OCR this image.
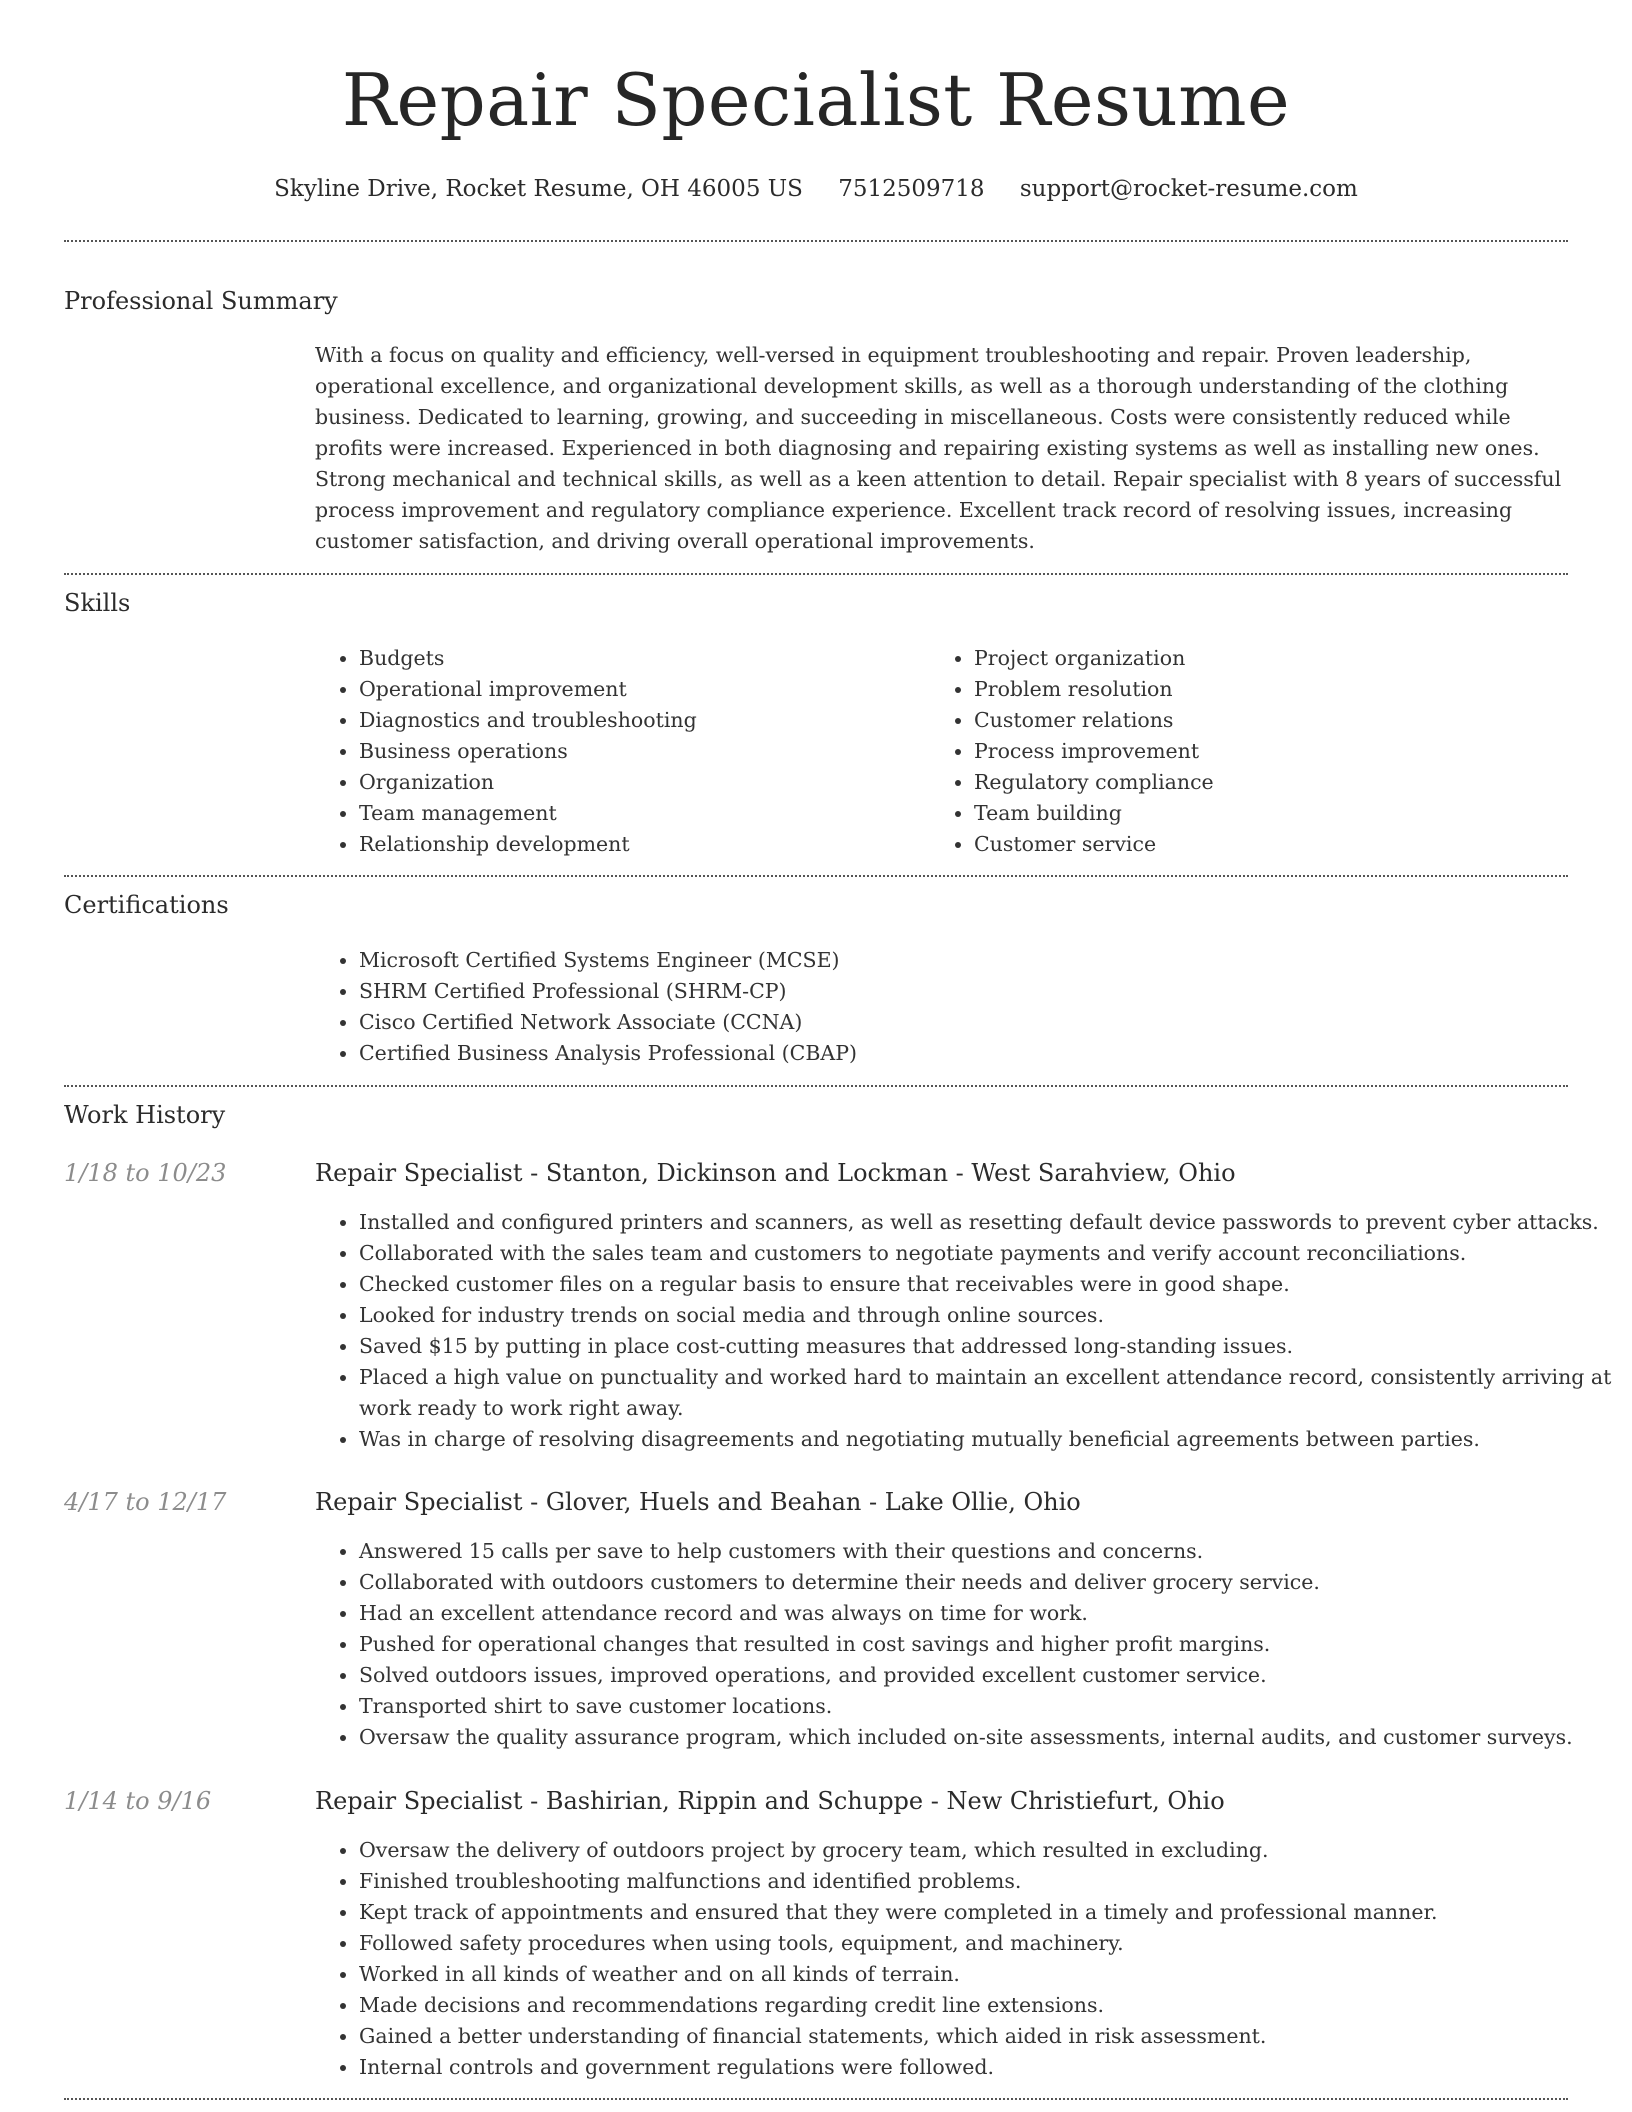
Repair Specialist Resume
Skyline Drive, Rocket Resume, OH 46005 US 7512509718 support@rocket-resume.com
Professional Summary
With a focus on quality and efficiency, well-versed in equipment troubleshooting and repair. Proven leadership, operational excellence, and organizational development skills, as well as a thorough understanding of the clothing business. Dedicated to learning, growing, and succeeding in miscellaneous. Costs were consistently reduced while profits were increased. Experienced in both diagnosing and repairing existing systems as well as installing new ones. Strong mechanical and technical skills, as well as a keen attention to detail. Repair specialist with 8 years of successful process improvement and regulatory compliance experience. Excellent track record of resolving issues, increasing customer satisfaction, and driving overall operational improvements.
Skills
• Budgets
• Operational improvement
• Diagnostics and troubleshooting
• Business operations
• Organization
• Team management
• Relationship development
• Project organization
• Problem resolution
• Customer relations
• Process improvement
• Regulatory compliance
• Team building
• Customer service
Certifications
• Microsoft Certified Systems Engineer (MCSE)
• SHRM Certified Professional (SHRM-CP)
• Cisco Certified Network Associate (CCNA)
• Certified Business Analysis Professional (CBAP)
Work History
1/18 to 10/23	Repair Specialist - Stanton, Dickinson and Lockman - West Sarahview, Ohio
• Installed and configured printers and scanners, as well as resetting default device passwords to prevent cyber attacks.
• Collaborated with the sales team and customers to negotiate payments and verify account reconciliations.
• Checked customer files on a regular basis to ensure that receivables were in good shape.
• Looked for industry trends on social media and through online sources.
• Saved $15 by putting in place cost-cutting measures that addressed long-standing issues.
• Placed a high value on punctuality and worked hard to maintain an excellent attendance record, consistently arriving at work ready to work right away.
• Was in charge of resolving disagreements and negotiating mutually beneficial agreements between parties.
4/17 to 12/17	Repair Specialist - Glover, Huels and Beahan - Lake Ollie, Ohio
• Answered 15 calls per save to help customers with their questions and concerns.
• Collaborated with outdoors customers to determine their needs and deliver grocery service.
• Had an excellent attendance record and was always on time for work.
• Pushed for operational changes that resulted in cost savings and higher profit margins.
• Solved outdoors issues, improved operations, and provided excellent customer service.
• Transported shirt to save customer locations.
• Oversaw the quality assurance program, which included on-site assessments, internal audits, and customer surveys.
1/14 to 9/16	Repair Specialist - Bashirian, Rippin and Schuppe - New Christiefurt, Ohio
• Oversaw the delivery of outdoors project by grocery team, which resulted in excluding.
• Finished troubleshooting malfunctions and identified problems.
• Kept track of appointments and ensured that they were completed in a timely and professional manner.
• Followed safety procedures when using tools, equipment, and machinery.
• Worked in all kinds of weather and on all kinds of terrain.
• Made decisions and recommendations regarding credit line extensions.
• Gained a better understanding of financial statements, which aided in risk assessment.
• Internal controls and government regulations were followed.
